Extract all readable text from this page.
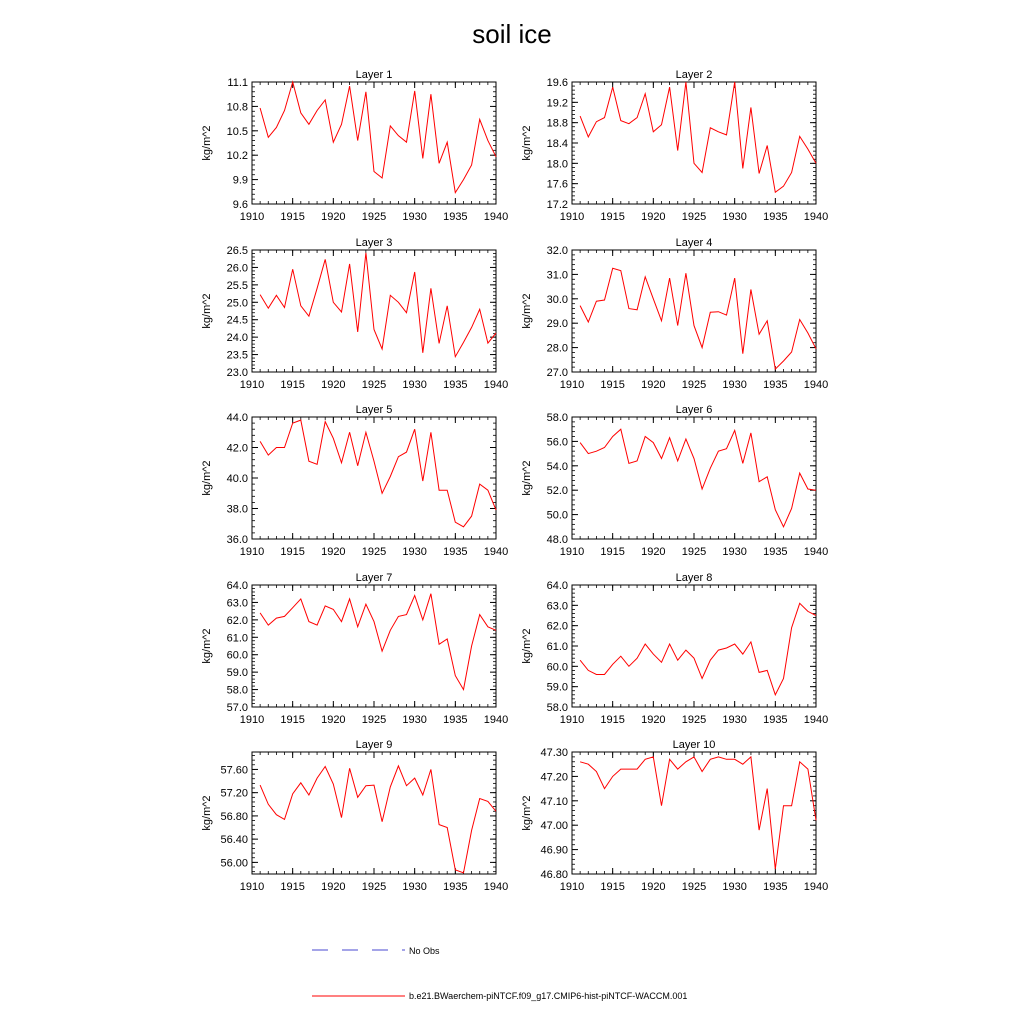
soil ice
Layer 1
1910 1915 1920 1925 1930 1935 1940
9.6
9.9
10.2
10.5
10.8
11.1
kg/m^2
Layer 2
1910 1915 1920 1925 1930 1935 1940
17.2
17.6
18.0
18.4
18.8
19.2
19.6
kg/m^2
Layer 3
1910 1915 1920 1925 1930 1935 1940
23.0
23.5
24.0
24.5
25.0
25.5
26.0
26.5
kg/m^2
Layer 4
1910 1915 1920 1925 1930 1935 1940
27.0
28.0
29.0
30.0
31.0
32.0
kg/m^2
Layer 5
1910 1915 1920 1925 1930 1935 1940
36.0
38.0
40.0
42.0
44.0
kg/m^2
Layer 6
1910 1915 1920 1925 1930 1935 1940
48.0
50.0
52.0
54.0
56.0
58.0
kg/m^2
Layer 7
1910 1915 1920 1925 1930 1935 1940
57.0
58.0
59.0
60.0
61.0
62.0
63.0
64.0
kg/m^2
Layer 8
1910 1915 1920 1925 1930 1935 1940
58.0
59.0
60.0
61.0
62.0
63.0
64.0
kg/m^2
Layer 9
1910 1915 1920 1925 1930 1935 1940
56.00
56.40
56.80
57.20
57.60
kg/m^2
Layer 10
1910 1915 1920 1925 1930 1935 1940
46.80
46.90
47.00
47.10
47.20
47.30
kg/m^2
No Obs
b.e21.BWaerchem-piNTCF.f09_g17.CMIP6-hist-piNTCF-WACCM.001
